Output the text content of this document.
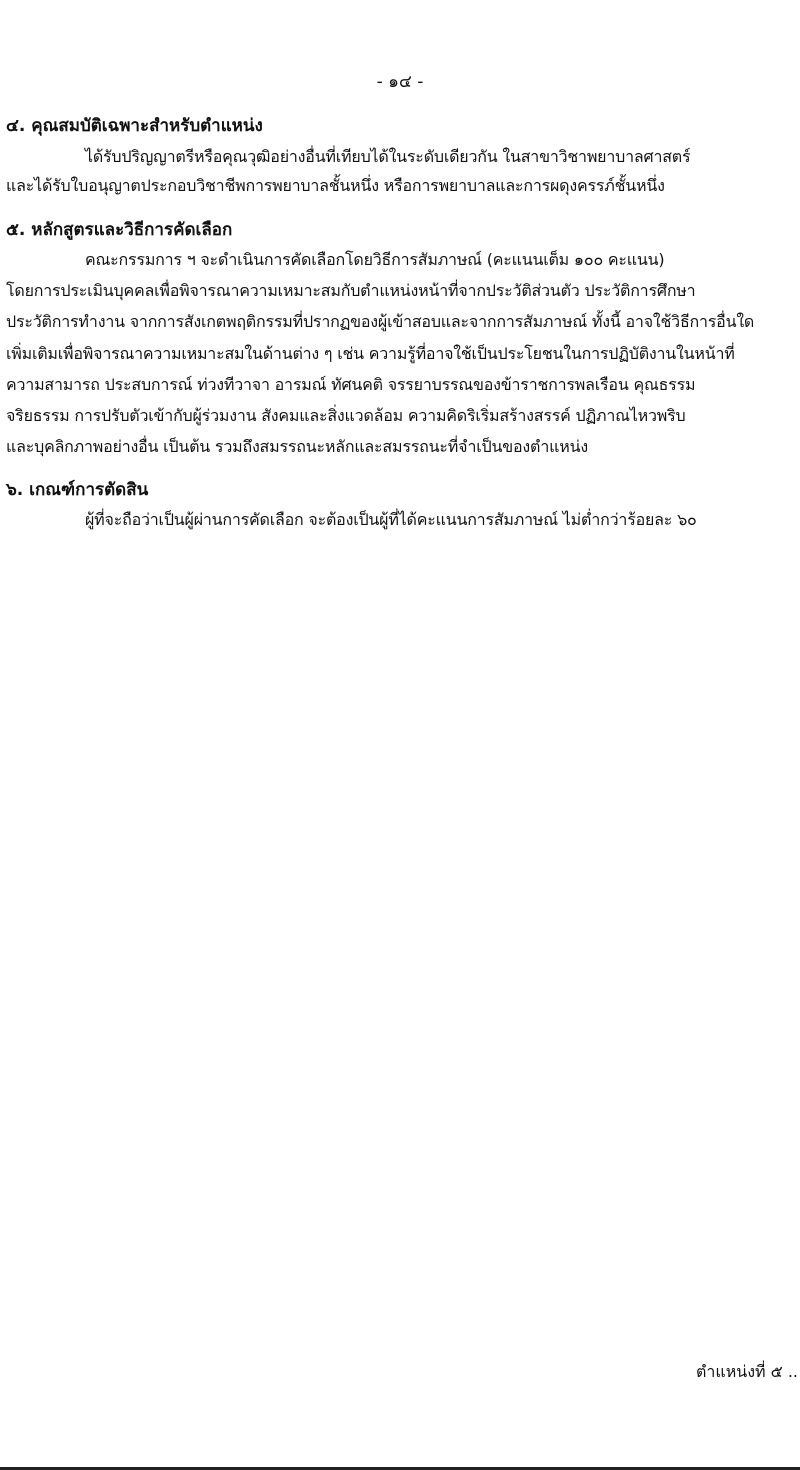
- ๑๔ -
๔. คุณสมบัติเฉพาะสำหรับตำแหน่ง
ได้รับปริญญาตรีหรือคุณวุฒิอย่างอื่นที่เทียบได้ในระดับเดียวกัน ในสาขาวิชาพยาบาลศาสตร์
และได้รับใบอนุญาตประกอบวิชาชีพการพยาบาลชั้นหนึ่ง หรือการพยาบาลและการผดุงครรภ์ชั้นหนึ่ง
๕. หลักสูตรและวิธีการคัดเลือก
คณะกรรมการ ฯ จะดำเนินการคัดเลือกโดยวิธีการสัมภาษณ์ (คะแนนเต็ม ๑๐๐ คะแนน)
โดยการประเมินบุคคลเพื่อพิจารณาความเหมาะสมกับตำแหน่งหน้าที่จากประวัติส่วนตัว ประวัติการศึกษา
ประวัติการทำงาน จากการสังเกตพฤติกรรมที่ปรากฏของผู้เข้าสอบและจากการสัมภาษณ์ ทั้งนี้ อาจใช้วิธีการอื่นใด
เพิ่มเติมเพื่อพิจารณาความเหมาะสมในด้านต่าง ๆ เช่น ความรู้ที่อาจใช้เป็นประโยชนในการปฏิบัติงานในหน้าที่
ความสามารถ ประสบการณ์ ท่วงทีวาจา อารมณ์ ทัศนคติ จรรยาบรรณของข้าราชการพลเรือน คุณธรรม
จริยธรรม การปรับตัวเข้ากับผู้ร่วมงาน สังคมและสิ่งแวดล้อม ความคิดริเริ่มสร้างสรรค์ ปฏิภาณไหวพริบ
และบุคลิกภาพอย่างอื่น เป็นต้น รวมถึงสมรรถนะหลักและสมรรถนะที่จำเป็นของตำแหน่ง
๖. เกณฑ์การตัดสิน
ผู้ที่จะถือว่าเป็นผู้ผ่านการคัดเลือก จะต้องเป็นผู้ที่ได้คะแนนการสัมภาษณ์ ไม่ต่ำกว่าร้อยละ ๖๐
ตำแหน่งที่ ๕ ..
